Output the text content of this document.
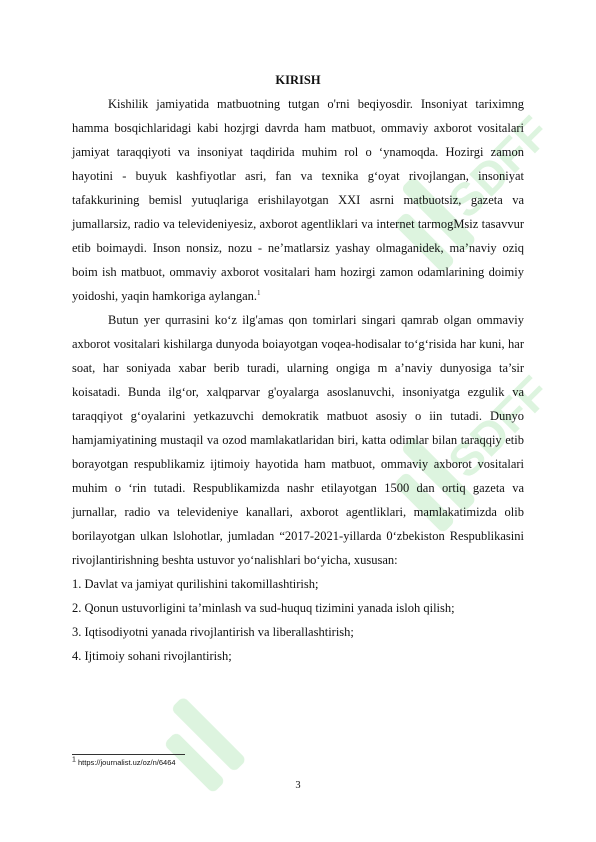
SDFF
SDFF

KIRISH

Kishilik jamiyatida matbuotning tutgan o'rni beqiyosdir. Insoniyat tariximng hamma bosqichlaridagi kabi hozjrgi davrda ham matbuot, ommaviy axborot vositalari jamiyat taraqqiyoti va insoniyat taqdirida muhim rol o ‘ynamoqda. Hozirgi zamon hayotini - buyuk kashfiyotlar asri, fan va texnika g‘oyat rivojlangan, insoniyat tafakkurining bemisl yutuqlariga erishilayotgan XXI asrni matbuotsiz, gazeta va jumallarsiz, radio va televideniyesiz, axborot agentliklari va internet tarmogMsiz tasavvur etib boimaydi. Inson nonsiz, nozu - ne’matlarsiz yashay olmaganidek, ma’naviy oziq boim ish matbuot, ommaviy axborot vositalari ham hozirgi zamon odamlarining doimiy yoidoshi, yaqin hamkoriga aylangan.$^1$

Butun yer qurrasini ko‘z ilg'amas qon tomirlari singari qamrab olgan ommaviy axborot vositalari kishilarga dunyoda boiayotgan voqea-hodisalar to‘g‘risida har kuni, har soat, har soniyada xabar berib turadi, ularning ongiga m a’naviy dunyosiga ta’sir koisatadi. Bunda ilg‘or, xalqparvar g'oyalarga asoslanuvchi, insoniyatga ezgulik va taraqqiyot g‘oyalarini yetkazuvchi demokratik matbuot asosiy o iin tutadi. Dunyo hamjamiyatining mustaqil va ozod mamlakatlaridan biri, katta odimlar bilan taraqqiy etib borayotgan respublikamiz ijtimoiy hayotida ham matbuot, ommaviy axborot vositalari muhim o ‘rin tutadi. Respublikamizda nashr etilayotgan 1500 dan ortiq gazeta va jurnallar, radio va televideniye kanallari, axborot agentliklari, mamlakatimizda olib borilayotgan ulkan lslohotlar, jumladan “2017-2021-yillarda 0‘zbekiston Respublikasini rivojlantirishning beshta ustuvor yo‘nalishlari bo‘yicha, xususan:

1. Davlat va jamiyat qurilishini takomillashtirish;

2. Qonun ustuvorligini ta’minlash va sud-huquq tizimini yanada isloh qilish;

3. Iqtisodiyotni yanada rivojlantirish va liberallashtirish;

4. Ijtimoiy sohani rivojlantirish;

$^1$ https://journalist.uz/oz/n/6464
3
